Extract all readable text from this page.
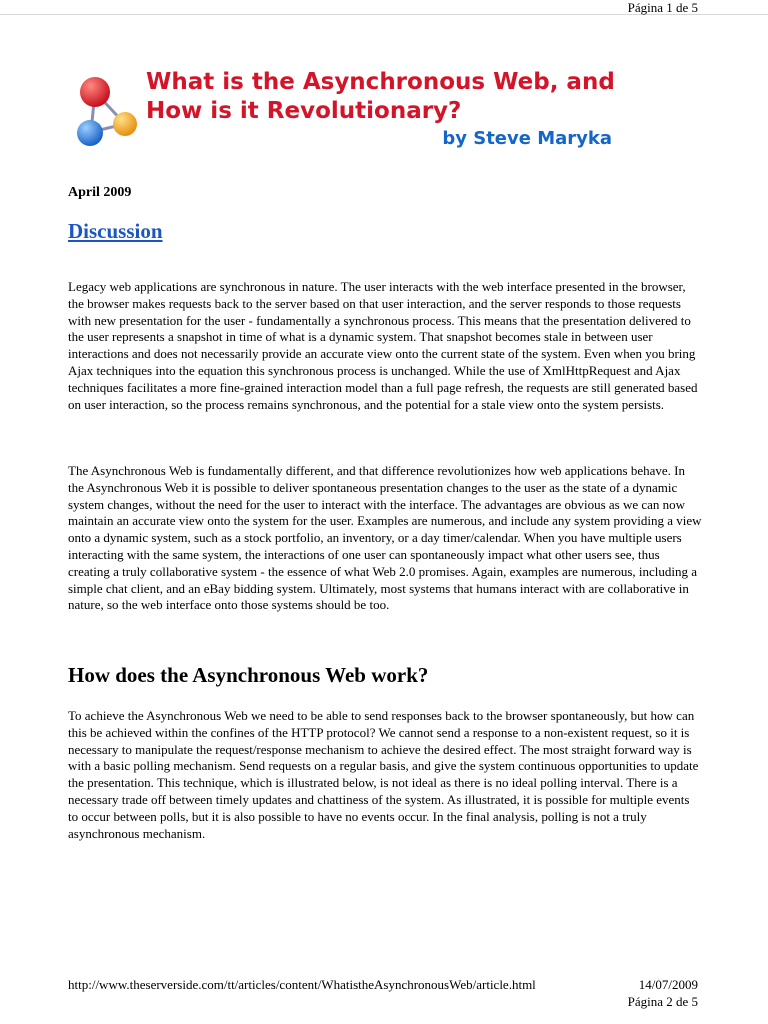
Página 1 de 5
What is the Asynchronous Web, and How is it Revolutionary?
by Steve Maryka
April 2009
Discussion

Legacy web applications are synchronous in nature. The user interacts with the web interface presented in the browser, the browser makes requests back to the server based on that user interaction, and the server responds to those requests with new presentation for the user - fundamentally a synchronous process. This means that the presentation delivered to the user represents a snapshot in time of what is a dynamic system. That snapshot becomes stale in between user interactions and does not necessarily provide an accurate view onto the current state of the system. Even when you bring Ajax techniques into the equation this synchronous process is unchanged. While the use of XmlHttpRequest and Ajax techniques facilitates a more fine-grained interaction model than a full page refresh, the requests are still generated based on user interaction, so the process remains synchronous, and the potential for a stale view onto the system persists.

The Asynchronous Web is fundamentally different, and that difference revolutionizes how web applications behave. In the Asynchronous Web it is possible to deliver spontaneous presentation changes to the user as the state of a dynamic system changes, without the need for the user to interact with the interface. The advantages are obvious as we can now maintain an accurate view onto the system for the user. Examples are numerous, and include any system providing a view onto a dynamic system, such as a stock portfolio, an inventory, or a day timer/calendar. When you have multiple users interacting with the same system, the interactions of one user can spontaneously impact what other users see, thus creating a truly collaborative system - the essence of what Web 2.0 promises. Again, examples are numerous, including a simple chat client, and an eBay bidding system. Ultimately, most systems that humans interact with are collaborative in nature, so the web interface onto those systems should be too.

How does the Asynchronous Web work?

To achieve the Asynchronous Web we need to be able to send responses back to the browser spontaneously, but how can this be achieved within the confines of the HTTP protocol? We cannot send a response to a non-existent request, so it is necessary to manipulate the request/response mechanism to achieve the desired effect. The most straight forward way is with a basic polling mechanism. Send requests on a regular basis, and give the system continuous opportunities to update the presentation. This technique, which is illustrated below, is not ideal as there is no ideal polling interval. There is a necessary trade off between timely updates and chattiness of the system. As illustrated, it is possible for multiple events to occur between polls, but it is also possible to have no events occur. In the final analysis, polling is not a truly asynchronous mechanism.

http://www.theserverside.com/tt/articles/content/WhatistheAsynchronousWeb/article.html	14/07/2009
Página 2 de 5
